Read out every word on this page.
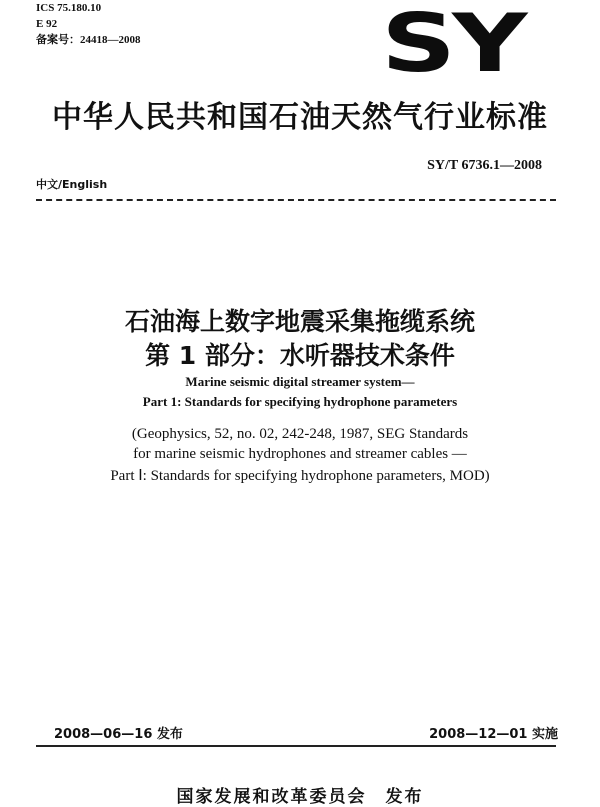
ICS 75.180.10
E 92
备案号：24418—2008	SY
中华人民共和国石油天然气行业标准
SY/T 6736.1—2008
中文/English
石油海上数字地震采集拖缆系统
第 1 部分：水听器技术条件
Marine seismic digital streamer system—
Part 1: Standards for specifying hydrophone parameters
(Geophysics, 52, no. 02, 242-248, 1987, SEG Standards
for marine seismic hydrophones and streamer cables —
Part Ⅰ: Standards for specifying hydrophone parameters, MOD)
2008—06—16 发布	2008—12—01 实施
国家发展和改革委员会　发布
